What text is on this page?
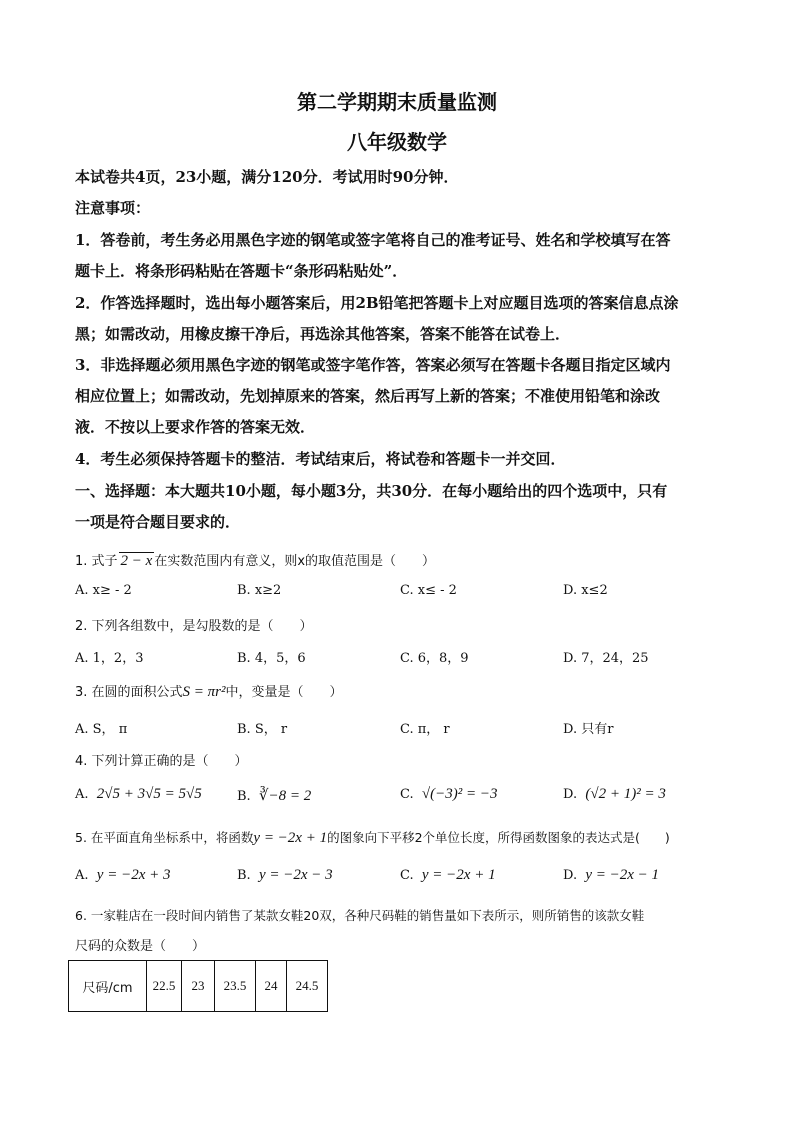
第二学期期末质量监测
八年级数学
本试卷共4页，23小题，满分120分．考试用时90分钟．
注意事项：
1．答卷前，考生务必用黑色字迹的钢笔或签字笔将自己的准考证号、姓名和学校填写在答
题卡上．将条形码粘贴在答题卡“条形码粘贴处”．
2．作答选择题时，选出每小题答案后，用2B铅笔把答题卡上对应题目选项的答案信息点涂
黑；如需改动，用橡皮擦干净后，再选涂其他答案，答案不能答在试卷上．
3．非选择题必须用黑色字迹的钢笔或签字笔作答，答案必须写在答题卡各题目指定区域内
相应位置上；如需改动，先划掉原来的答案，然后再写上新的答案；不准使用铅笔和涂改
液．不按以上要求作答的答案无效．
4．考生必须保持答题卡的整洁．考试结束后，将试卷和答题卡一并交回．
一、选择题：本大题共10小题，每小题3分，共30分．在每小题给出的四个选项中，只有
一项是符合题目要求的．
1. 式子 2 − x 在实数范围内有意义，则x的取值范围是（　　）
A. x≥ - 2	B. x≥2	C. x≤ - 2	D. x≤2
2. 下列各组数中，是勾股数的是（　　）
A. 1，2，3	B. 4，5，6	C. 6，8，9	D. 7，24，25
3. 在圆的面积公式S = πr²中，变量是（　　）
A. S， π	B. S， r	C. π， r	D. 只有r
4. 下列计算正确的是（　　）
A. 2√5 + 3√5 = 5√5	B. ∛−8 = 2	C. √(−3)² = −3	D. (√2 + 1)² = 3
5. 在平面直角坐标系中，将函数y = −2x + 1的图象向下平移2个单位长度，所得函数图象的表达式是(　　)
A. y = −2x + 3	B. y = −2x − 3	C. y = −2x + 1	D. y = −2x − 1
6. 一家鞋店在一段时间内销售了某款女鞋20双，各种尺码鞋的销售量如下表所示，则所销售的该款女鞋
尺码的众数是（　　）
尺码/cm	22.5	23	23.5	24	24.5
